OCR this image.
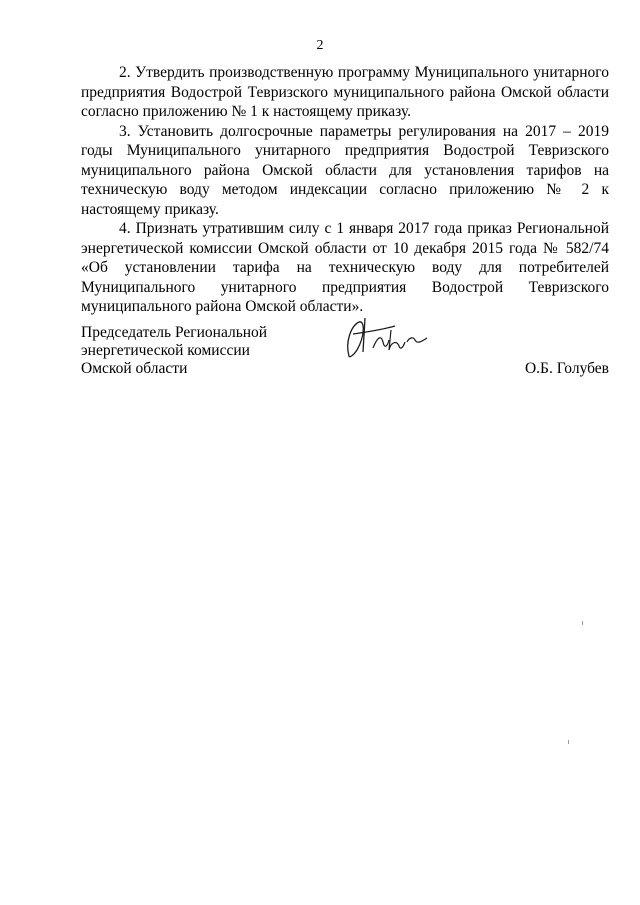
2

2. Утвердить производственную программу Муниципального унитарного предприятия Водострой Тевризского муниципального района Омской области согласно приложению № 1 к настоящему приказу.

3. Установить долгосрочные параметры регулирования на 2017 – 2019 годы Муниципального унитарного предприятия Водострой Тевризского муниципального района Омской области для установления тарифов на техническую воду методом индексации согласно приложению № 2 к настоящему приказу.

4. Признать утратившим силу с 1 января 2017 года приказ Региональной энергетической комиссии Омской области от 10 декабря 2015 года № 582/74 «Об установлении тарифа на техническую воду для потребителей Муниципального унитарного предприятия Водострой Тевризского муниципального района Омской области».

Председатель Региональной
энергетической комиссии
Омской области	О.Б. Голубев
